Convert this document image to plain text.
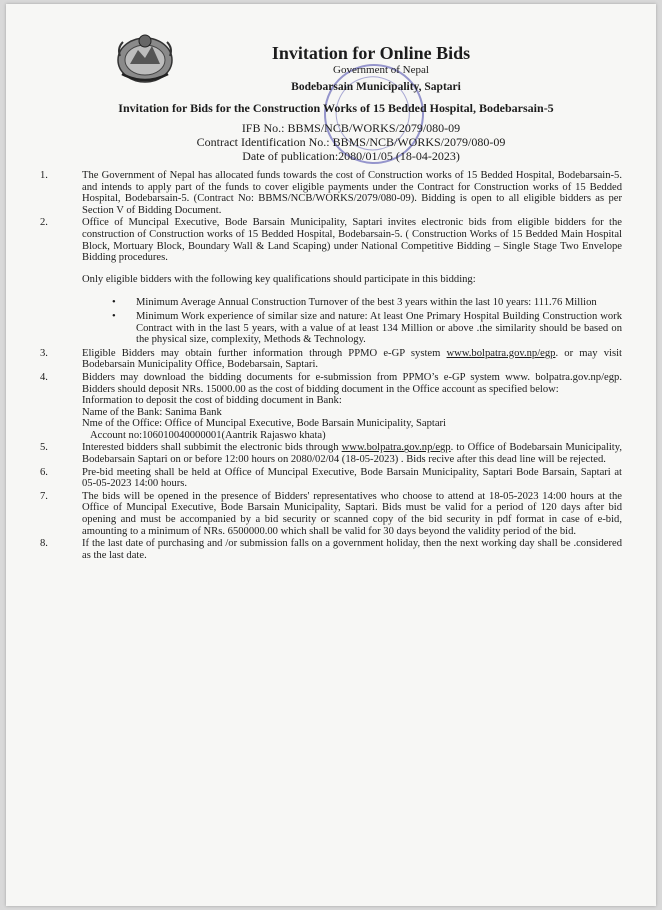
Invitation for Online Bids
Government of Nepal
Bodebarsain Municipality, Saptari
Invitation for Bids for the Construction Works of 15 Bedded Hospital, Bodebarsain-5
IFB No.: BBMS/NCB/WORKS/2079/080-09
Contract Identification No.: BBMS/NCB/WORKS/2079/080-09
Date of publication:2080/01/05 (18-04-2023)
1.	The Government of Nepal has allocated funds towards the cost of Construction works of 15 Bedded Hospital, Bodebarsain-5. and intends to apply part of the funds to cover eligible payments under the Contract for Construction works of 15 Bedded Hospital, Bodebarsain-5. (Contract No: BBMS/NCB/WORKS/2079/080-09). Bidding is open to all eligible bidders as per Section V of Bidding Document.
2.	Office of Muncipal Executive, Bode Barsain Municipality, Saptari invites electronic bids from eligible bidders for the construction of Construction works of 15 Bedded Hospital, Bodebarsain-5. ( Construction Works of 15 Bedded Main Hospital Block, Mortuary Block, Boundary Wall & Land Scaping) under National Competitive Bidding – Single Stage Two Envelope Bidding procedures.
Only eligible bidders with the following key qualifications should participate in this bidding:
•	Minimum Average Annual Construction Turnover of the best 3 years within the last 10 years: 111.76 Million
•	Minimum Work experience of similar size and nature: At least One Primary Hospital Building Construction work Contract with in the last 5 years, with a value of at least 134 Million or above .the similarity should be based on the physical size, complexity, Methods & Technology.
3.	Eligible Bidders may obtain further information through PPMO e-GP system www.bolpatra.gov.np/egp. or may visit Bodebarsain Municipality Office, Bodebarsain, Saptari.
4.	Bidders may download the bidding documents for e-submission from PPMO’s e-GP system www. bolpatra.gov.np/egp. Bidders should deposit NRs. 15000.00 as the cost of bidding document in the Office account as specified below:
Information to deposit the cost of bidding document in Bank:
Name of the Bank: Sanima Bank
Nme of the Office: Office of Muncipal Executive, Bode Barsain Municipality, Saptari
Account no:106010040000001(Aantrik Rajaswo khata)
5.	Interested bidders shall subbimit the electronic bids through www.bolpatra.gov.np/egp. to Office of Bodebarsain Municipality, Bodebarsain Saptari on or before 12:00 hours on 2080/02/04 (18-05-2023) . Bids recive after this dead line will be rejected.
6.	Pre-bid meeting shall be held at Office of Muncipal Executive, Bode Barsain Municipality, Saptari Bode Barsain, Saptari at 05-05-2023 14:00 hours.
7.	The bids will be opened in the presence of Bidders' representatives who choose to attend at 18-05-2023 14:00 hours at the Office of Muncipal Executive, Bode Barsain Municipality, Saptari. Bids must be valid for a period of 120 days after bid opening and must be accompanied by a bid security or scanned copy of the bid security in pdf format in case of e-bid, amounting to a minimum of NRs. 6500000.00 which shall be valid for 30 days beyond the validity period of the bid.
8.	If the last date of purchasing and /or submission falls on a government holiday, then the next working day shall be .considered as the last date.
